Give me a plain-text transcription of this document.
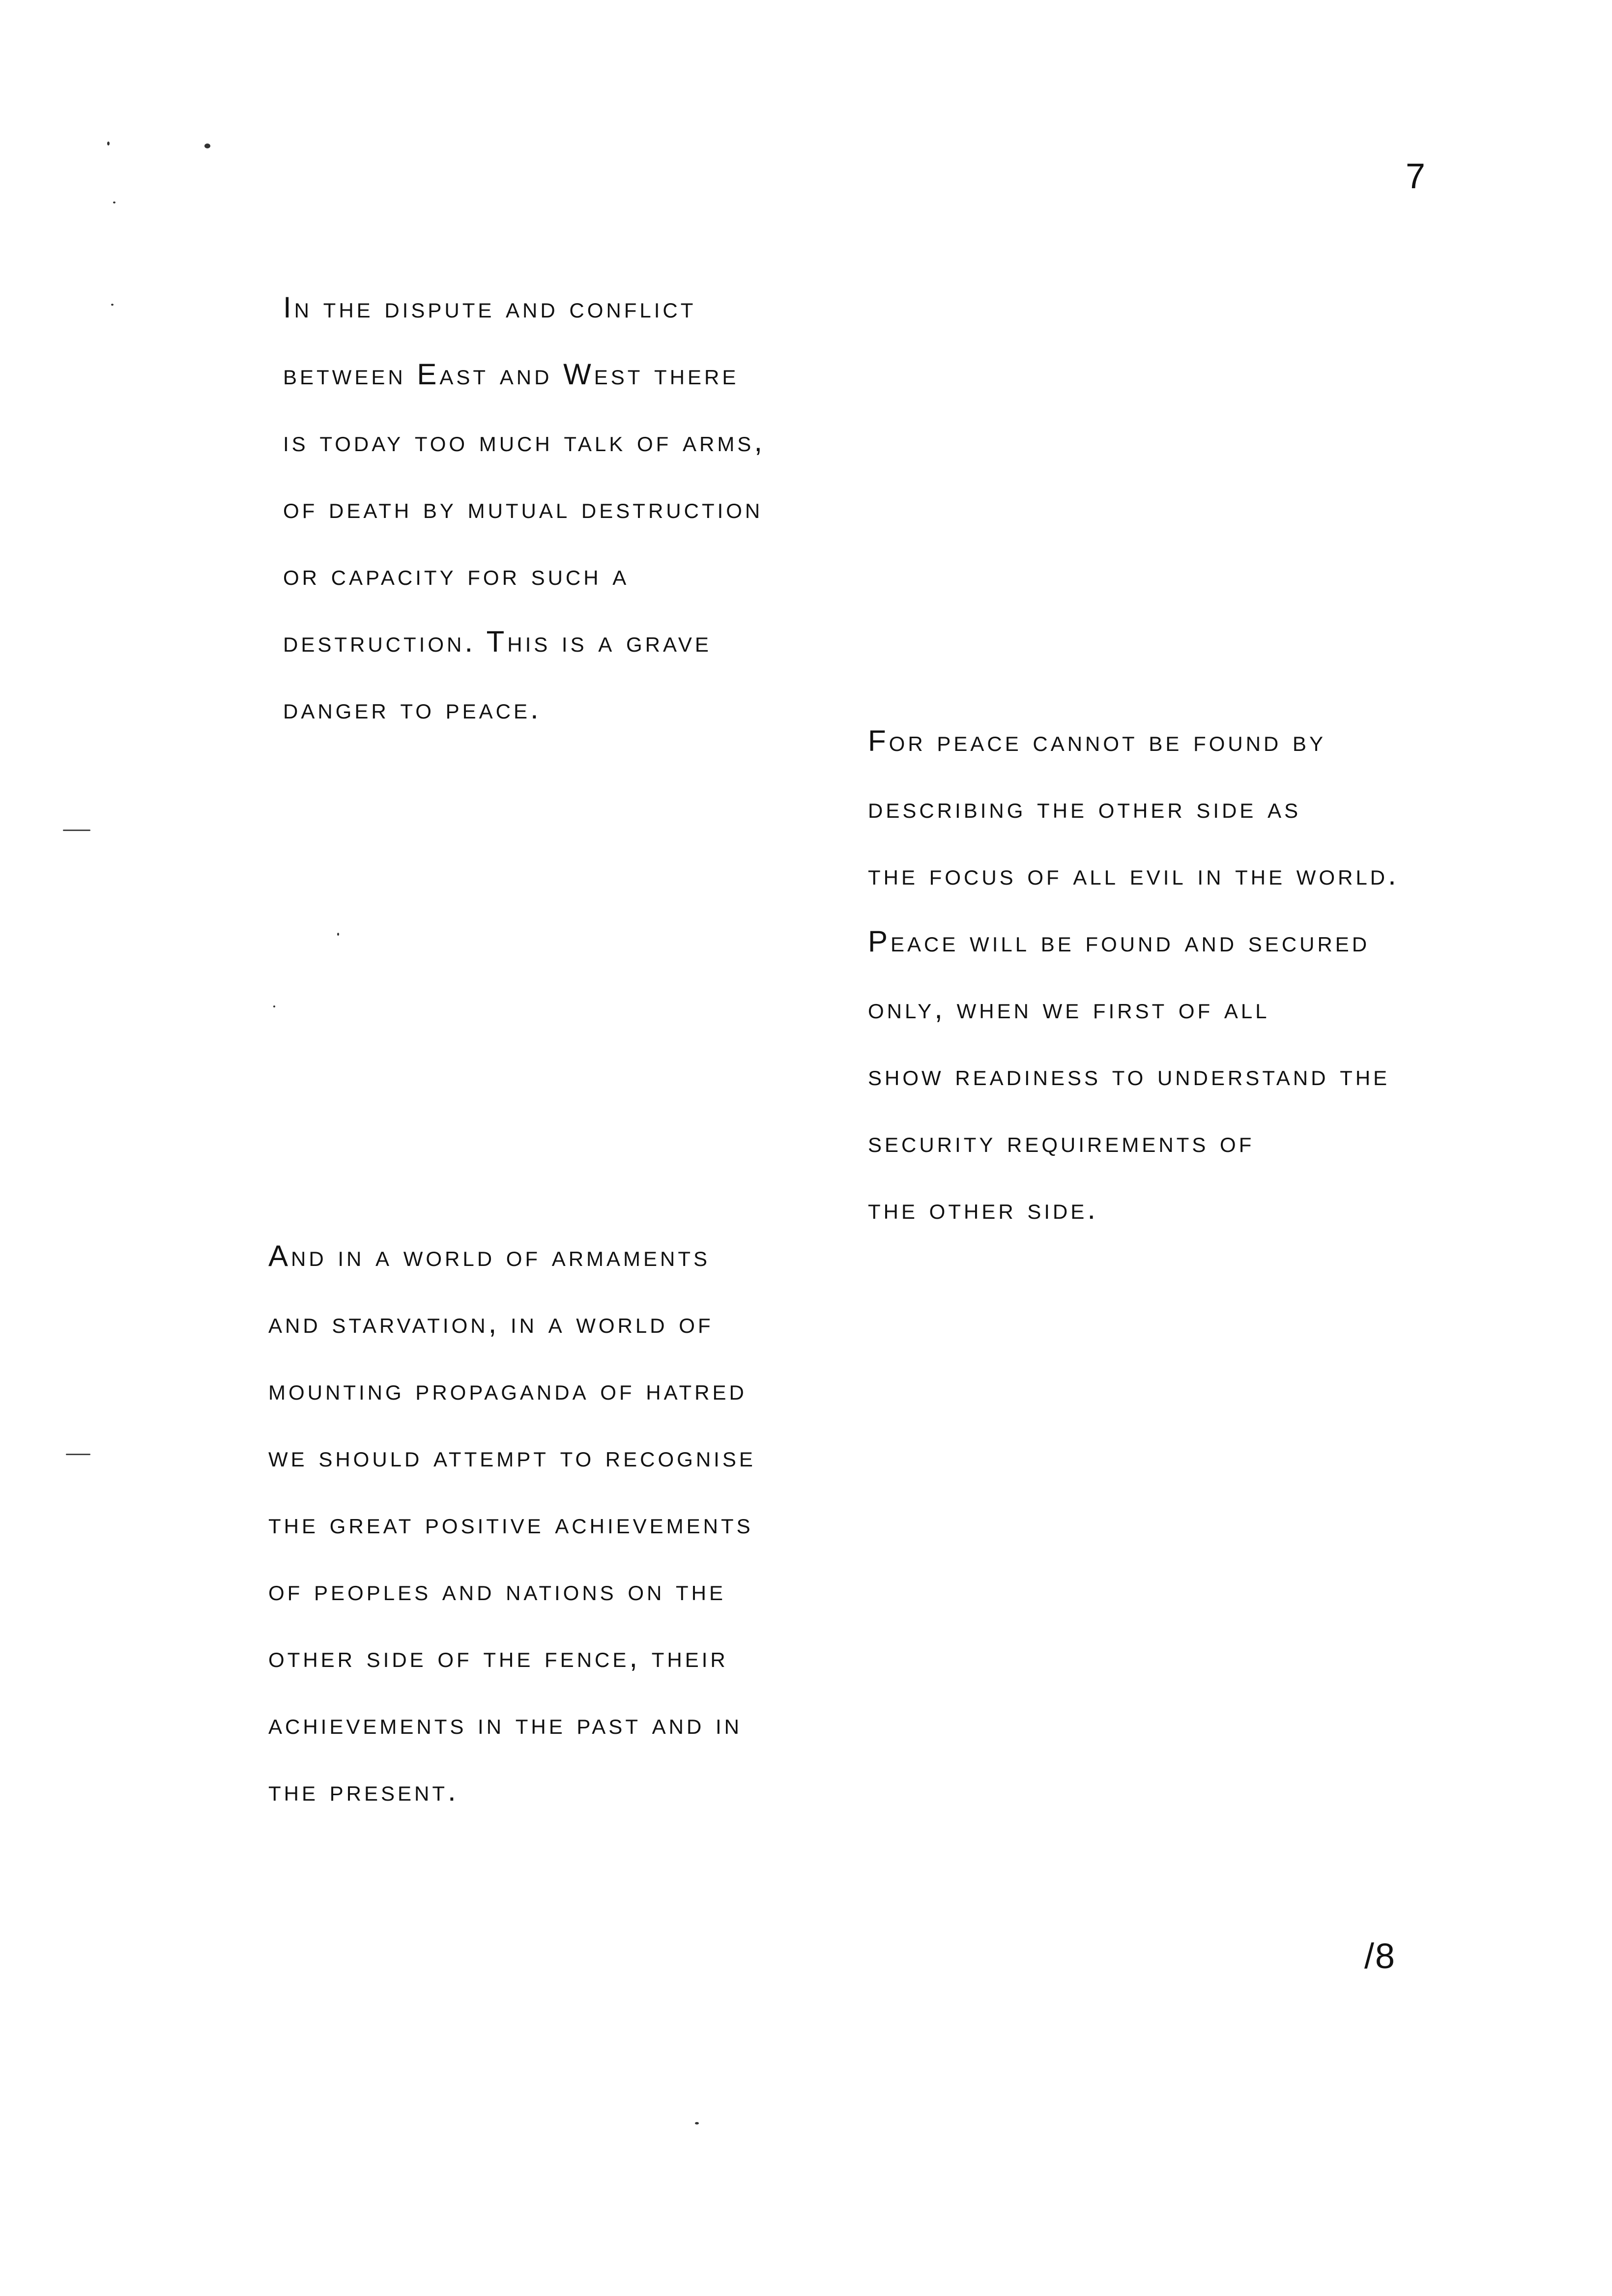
7
In the dispute and conflict
between East and West there
is today too much talk of arms,
of death by mutual destruction
or capacity for such a
destruction. This is a grave
danger to peace.
For peace cannot be found by
describing the other side as
the focus of all evil in the world.
Peace will be found and secured
only, when we first of all
show readiness to understand the
security requirements of
the other side.
And in a world of armaments
and starvation, in a world of
mounting propaganda of hatred
we should attempt to recognise
the great positive achievements
of peoples and nations on the
other side of the fence, their
achievements in the past and in
the present.
/8
